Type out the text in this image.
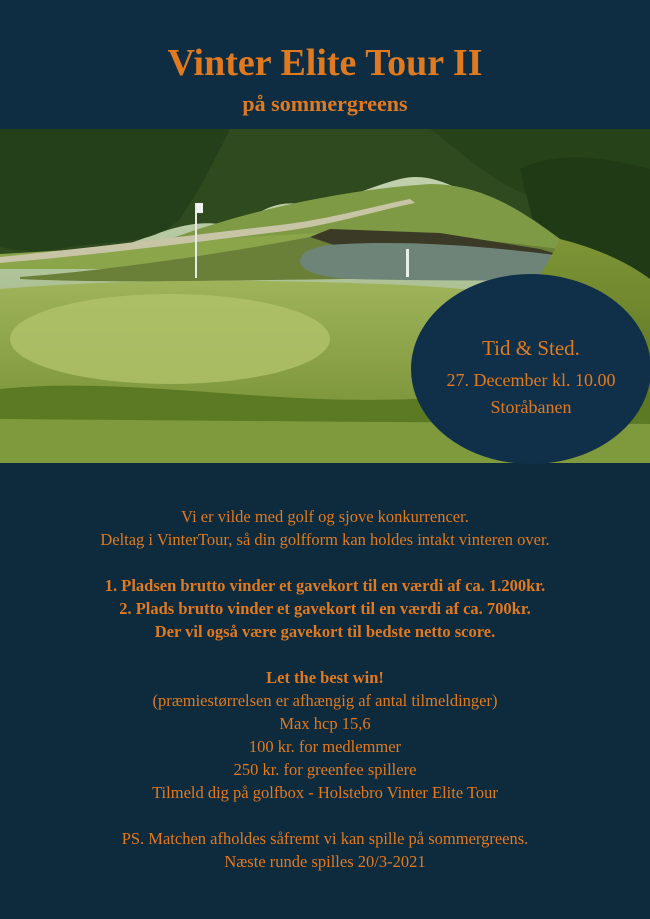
Vinter Elite Tour II
på sommergreens
Tid & Sted.
27. December kl. 10.00
Storåbanen
Vi er vilde med golf og sjove konkurrencer.
Deltag i VinterTour, så din golfform kan holdes intakt vinteren over.
1. Pladsen brutto vinder et gavekort til en værdi af ca. 1.200kr.
2. Plads brutto vinder et gavekort til en værdi af ca. 700kr.
Der vil også være gavekort til bedste netto score.
Let the best win!
(præmiestørrelsen er afhængig af antal tilmeldinger)
Max hcp 15,6
100 kr. for medlemmer
250 kr. for greenfee spillere
Tilmeld dig på golfbox - Holstebro Vinter Elite Tour
PS. Matchen afholdes såfremt vi kan spille på sommergreens.
Næste runde spilles 20/3-2021
